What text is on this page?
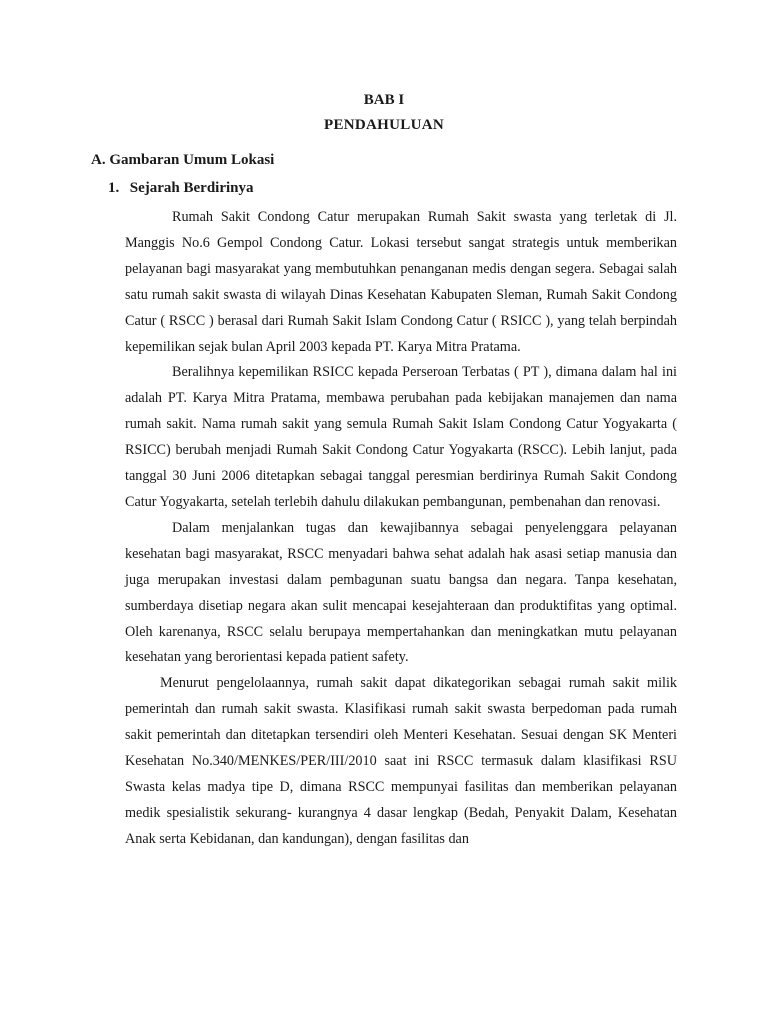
BAB I
PENDAHULUAN
A. Gambaran Umum Lokasi
1. Sejarah Berdirinya

Rumah Sakit Condong Catur merupakan Rumah Sakit swasta yang terletak di Jl. Manggis No.6 Gempol Condong Catur. Lokasi tersebut sangat strategis untuk memberikan pelayanan bagi masyarakat yang membutuhkan penanganan medis dengan segera. Sebagai salah satu rumah sakit swasta di wilayah Dinas Kesehatan Kabupaten Sleman, Rumah Sakit Condong Catur ( RSCC ) berasal dari Rumah Sakit Islam Condong Catur ( RSICC ), yang telah berpindah kepemilikan sejak bulan April 2003 kepada PT. Karya Mitra Pratama.

Beralihnya kepemilikan RSICC kepada Perseroan Terbatas ( PT ), dimana dalam hal ini adalah PT. Karya Mitra Pratama, membawa perubahan pada kebijakan manajemen dan nama rumah sakit. Nama rumah sakit yang semula Rumah Sakit Islam Condong Catur Yogyakarta ( RSICC) berubah menjadi Rumah Sakit Condong Catur Yogyakarta (RSCC). Lebih lanjut, pada tanggal 30 Juni 2006 ditetapkan sebagai tanggal peresmian berdirinya Rumah Sakit Condong Catur Yogyakarta, setelah terlebih dahulu dilakukan pembangunan, pembenahan dan renovasi.

Dalam menjalankan tugas dan kewajibannya sebagai penyelenggara pelayanan kesehatan bagi masyarakat, RSCC menyadari bahwa sehat adalah hak asasi setiap manusia dan juga merupakan investasi dalam pembagunan suatu bangsa dan negara. Tanpa kesehatan, sumberdaya disetiap negara akan sulit mencapai kesejahteraan dan produktifitas yang optimal. Oleh karenanya, RSCC selalu berupaya mempertahankan dan meningkatkan mutu pelayanan kesehatan yang berorientasi kepada patient safety.

Menurut pengelolaannya, rumah sakit dapat dikategorikan sebagai rumah sakit milik pemerintah dan rumah sakit swasta. Klasifikasi rumah sakit swasta berpedoman pada rumah sakit pemerintah dan ditetapkan tersendiri oleh Menteri Kesehatan. Sesuai dengan SK Menteri Kesehatan No.340/MENKES/PER/III/2010 saat ini RSCC termasuk dalam klasifikasi RSU Swasta kelas madya tipe D, dimana RSCC mempunyai fasilitas dan memberikan pelayanan medik spesialistik sekurang- kurangnya 4 dasar lengkap (Bedah, Penyakit Dalam, Kesehatan Anak serta Kebidanan, dan kandungan), dengan fasilitas dan
